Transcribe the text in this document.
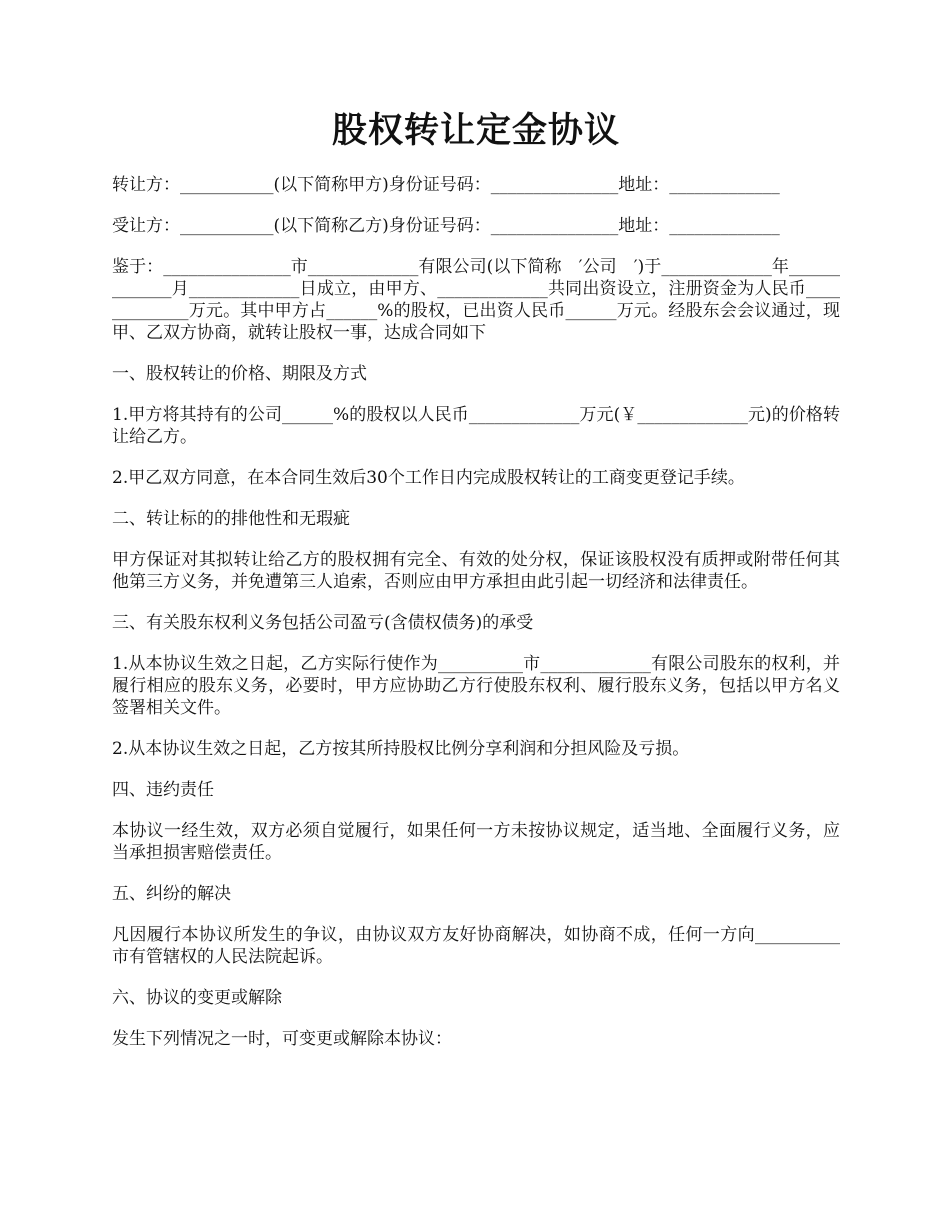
股权转让定金协议

转让方：___________(以下简称甲方)身份证号码：_______________地址：_____________

受让方：___________(以下简称乙方)身份证号码：_______________地址：_____________

鉴于：_______________市_____________有限公司(以下简称　′公司　′)于_____________年_____________月_____________日成立，由甲方、_____________共同出资设立，注册资金为人民币_____________万元。其中甲方占______%的股权，已出资人民币______万元。经股东会会议通过，现甲、乙双方协商，就转让股权一事，达成合同如下

一、股权转让的价格、期限及方式

1.甲方将其持有的公司______%的股权以人民币_____________万元(￥_____________元)的价格转让给乙方。

2.甲乙双方同意，在本合同生效后30个工作日内完成股权转让的工商变更登记手续。

二、转让标的的排他性和无瑕疵

甲方保证对其拟转让给乙方的股权拥有完全、有效的处分权，保证该股权没有质押或附带任何其他第三方义务，并免遭第三人追索，否则应由甲方承担由此引起一切经济和法律责任。

三、有关股东权利义务包括公司盈亏(含债权债务)的承受

1.从本协议生效之日起，乙方实际行使作为__________市_____________有限公司股东的权利，并履行相应的股东义务，必要时，甲方应协助乙方行使股东权利、履行股东义务，包括以甲方名义签署相关文件。

2.从本协议生效之日起，乙方按其所持股权比例分享利润和分担风险及亏损。

四、违约责任

本协议一经生效，双方必须自觉履行，如果任何一方未按协议规定，适当地、全面履行义务，应当承担损害赔偿责任。

五、纠纷的解决

凡因履行本协议所发生的争议，由协议双方友好协商解决，如协商不成，任何一方向__________市有管辖权的人民法院起诉。

六、协议的变更或解除

发生下列情况之一时，可变更或解除本协议：
